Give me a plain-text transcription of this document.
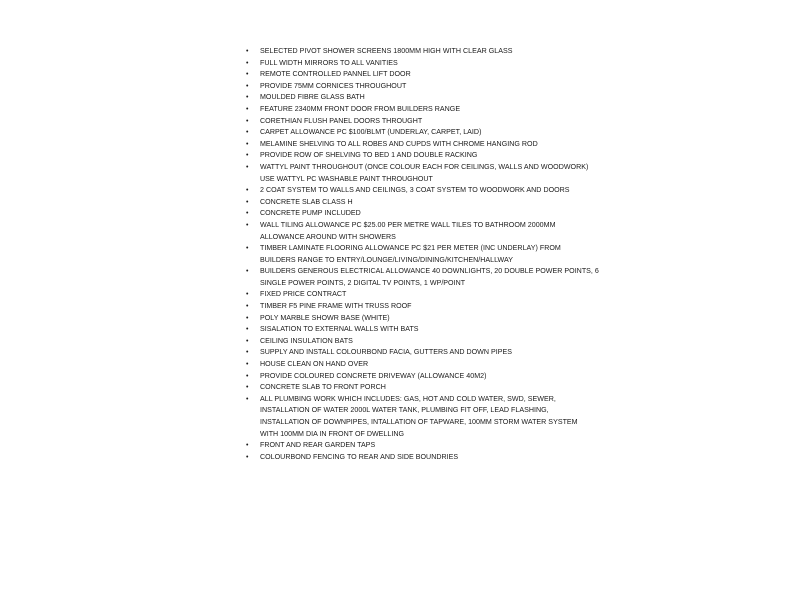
• SELECTED PIVOT SHOWER SCREENS 1800MM HIGH WITH CLEAR GLASS
• FULL WIDTH MIRRORS TO ALL VANITIES
• REMOTE CONTROLLED PANNEL LIFT DOOR
• PROVIDE 75MM CORNICES THROUGHOUT
• MOULDED FIBRE GLASS BATH
• FEATURE 2340MM FRONT DOOR FROM BUILDERS RANGE
• CORETHIAN FLUSH PANEL DOORS THROUGHT
• CARPET ALLOWANCE PC $100/BLMT (UNDERLAY, CARPET, LAID)
• MELAMINE SHELVING TO ALL ROBES AND CUPDS WITH CHROME HANGING ROD
• PROVIDE ROW OF SHELVING TO BED 1 AND DOUBLE RACKING
• WATTYL PAINT THROUGHOUT (ONCE COLOUR EACH FOR CEILINGS, WALLS AND WOODWORK)
USE WATTYL PC WASHABLE PAINT THROUGHOUT
• 2 COAT SYSTEM TO WALLS AND CEILINGS, 3 COAT SYSTEM TO WOODWORK AND DOORS
• CONCRETE SLAB CLASS H
• CONCRETE PUMP INCLUDED
• WALL TILING ALLOWANCE PC $25.00 PER METRE WALL TILES TO BATHROOM 2000MM
ALLOWANCE AROUND WITH SHOWERS
• TIMBER LAMINATE FLOORING ALLOWANCE PC $21 PER METER (INC UNDERLAY) FROM
BUILDERS RANGE TO ENTRY/LOUNGE/LIVING/DINING/KITCHEN/HALLWAY
• BUILDERS GENEROUS ELECTRICAL ALLOWANCE 40 DOWNLIGHTS, 20 DOUBLE POWER POINTS, 6
SINGLE POWER POINTS, 2 DIGITAL TV POINTS, 1 WP/POINT
• FIXED PRICE CONTRACT
• TIMBER F5 PINE FRAME WITH TRUSS ROOF
• POLY MARBLE SHOWR BASE (WHITE)
• SISALATION TO EXTERNAL WALLS WITH BATS
• CEILING INSULATION BATS
• SUPPLY AND INSTALL COLOURBOND FACIA, GUTTERS AND DOWN PIPES
• HOUSE CLEAN ON HAND OVER
• PROVIDE COLOURED CONCRETE DRIVEWAY (ALLOWANCE 40M2)
• CONCRETE SLAB TO FRONT PORCH
• ALL PLUMBING WORK WHICH INCLUDES: GAS, HOT AND COLD WATER, SWD, SEWER,
INSTALLATION OF WATER 2000L WATER TANK, PLUMBING FIT OFF, LEAD FLASHING,
INSTALLATION OF DOWNPIPES, INTALLATION OF TAPWARE, 100MM STORM WATER SYSTEM
WITH 100MM DIA IN FRONT OF DWELLING
• FRONT AND REAR GARDEN TAPS
• COLOURBOND FENCING TO REAR AND SIDE BOUNDRIES
